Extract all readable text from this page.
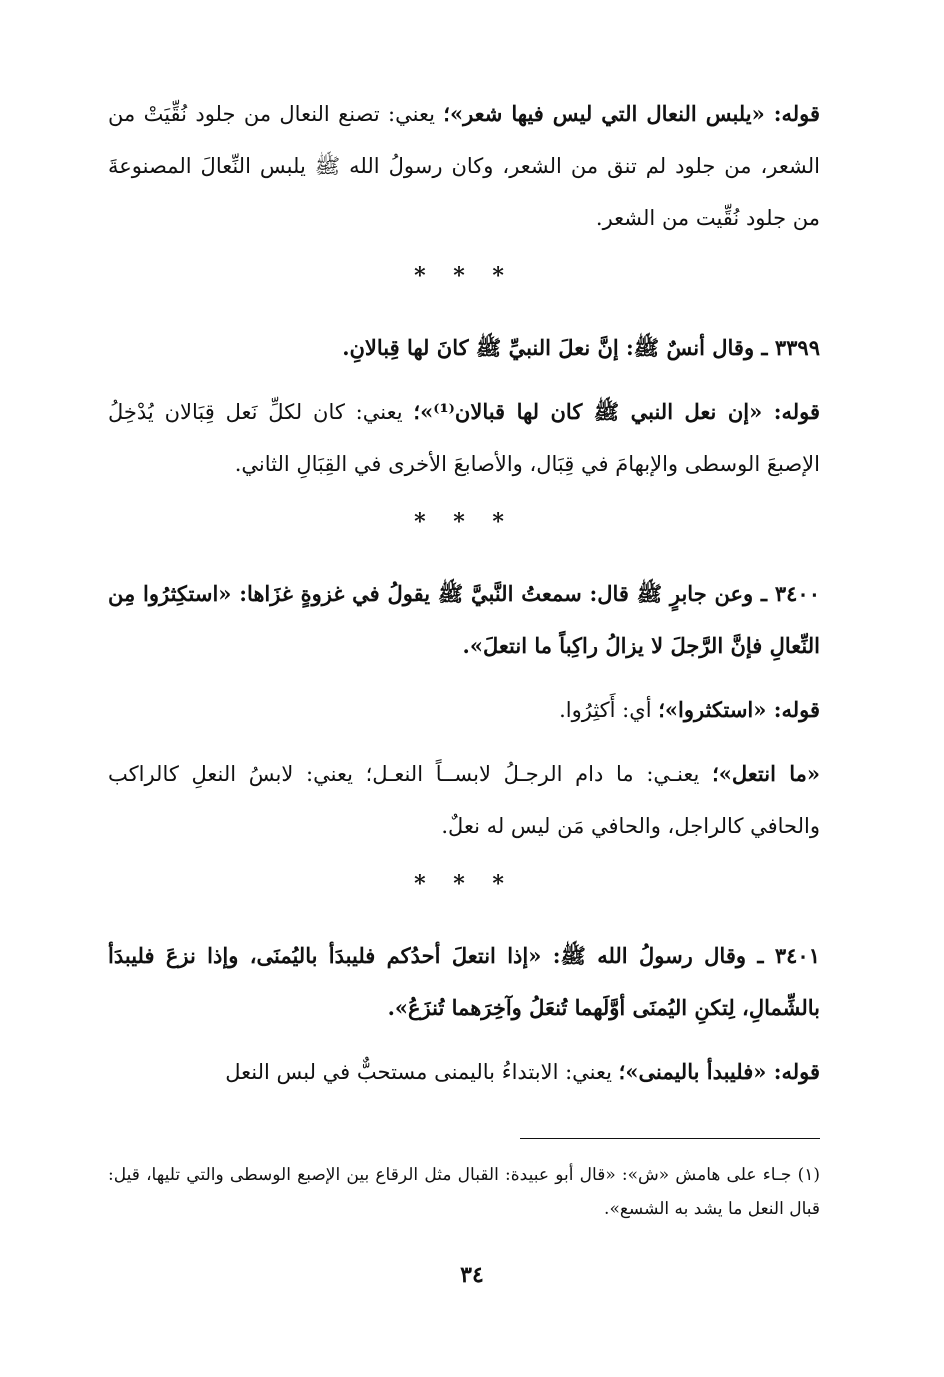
قوله: «يلبس النعال التي ليس فيها شعر»؛ يعني: تصنع النعال من جلود نُقِّيَتْ من الشعر، من جلود لم تنق من الشعر، وكان رسولُ الله ﷺ يلبس النِّعالَ المصنوعةَ من جلود نُقِّيت من الشعر.

* * *

٣٣٩٩ ـ وقال أنسٌ ﷺ: إنَّ نعلَ النبيِّ ﷺ كانَ لها قِبالانِ.

قوله: «إن نعل النبي ﷺ كان لها قبالان⁽¹⁾»؛ يعني: كان لكلِّ نَعل قِبَالان يُدْخِلُ الإصبعَ الوسطى والإبهامَ في قِبَال، والأصابعَ الأخرى في القِبَالِ الثاني.

* * *

٣٤٠٠ ـ وعن جابرٍ ﷺ قال: سمعتُ النَّبيَّ ﷺ يقولُ في غزوةٍ غزَاها: «استكِثرُوا مِن النِّعالِ فإنَّ الرَّجلَ لا يزالُ راكِباً ما انتعلَ».

قوله: «استكثروا»؛ أي: أَكثِرُوا.

«ما انتعل»؛ يعنـي: ما دام الرجـلُ لابســاً النعـل؛ يعني: لابسُ النعلِ كالراكب والحافي كالراجل، والحافي مَن ليس له نعلٌ.

* * *

٣٤٠١ ـ وقال رسولُ الله ﷺ: «إذا انتعلَ أحدُكم فليبدَأ باليُمنَى، وإذا نزعَ فليبدَأ بالشِّمالِ، لِتكنِ اليُمنَى أوَّلَهما تُنعَلُ وآخِرَهما تُنزَعُ».

قوله: «فليبدأ باليمنى»؛ يعني: الابتداءُ باليمنى مستحبٌّ في لبس النعل

(١) جـاء على هامش «ش»: «قال أبو عبيدة: القبال مثل الرقاع بين الإصبع الوسطى والتي تليها، قيل: قبال النعل ما يشد به الشسع».
٣٤
